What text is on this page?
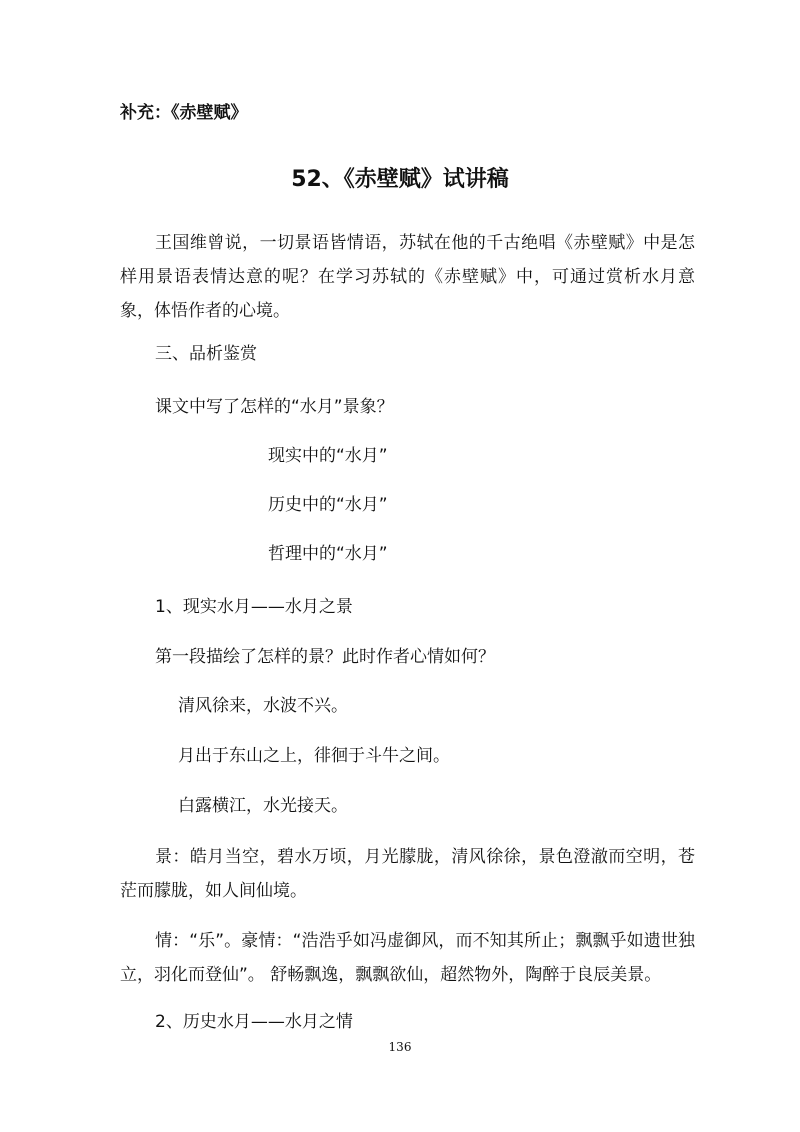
补充：《赤壁赋》
52、《赤壁赋》试讲稿

王国维曾说，一切景语皆情语，苏轼在他的千古绝唱《赤壁赋》中是怎样用景语表情达意的呢？在学习苏轼的《赤壁赋》中，可通过赏析水月意象，体悟作者的心境。

三、品析鉴赏
课文中写了怎样的“水月”景象？
现实中的“水月”
历史中的“水月”
哲理中的“水月”
1、现实水月——水月之景
第一段描绘了怎样的景？此时作者心情如何？
清风徐来，水波不兴。
月出于东山之上，徘徊于斗牛之间。
白露横江，水光接天。

景：皓月当空，碧水万顷，月光朦胧，清风徐徐，景色澄澈而空明，苍茫而朦胧，如人间仙境。

情：“乐”。豪情：“浩浩乎如冯虚御风，而不知其所止；飘飘乎如遗世独立，羽化而登仙”。 舒畅飘逸，飘飘欲仙，超然物外，陶醉于良辰美景。

2、历史水月——水月之情
136
